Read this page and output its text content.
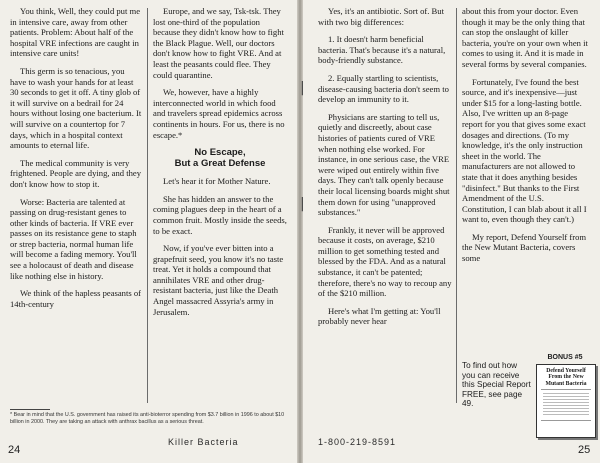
You think, Well, they could put me in intensive care, away from other patients. Problem: About half of the hospital VRE infections are caught in intensive care units!

This germ is so tenacious, you have to wash your hands for at least 30 seconds to get it off. A tiny glob of it will survive on a bedrail for 24 hours without losing one bacterium. It will survive on a countertop for 7 days, which in a hospital context amounts to eternal life.

The medical community is very frightened. People are dying, and they don't know how to stop it.

Worse: Bacteria are talented at passing on drug-resistant genes to other kinds of bacteria. If VRE ever passes on its resistance gene to staph or strep bacteria, normal human life will become a fading memory. You'll see a holocaust of death and disease like nothing else in history.

We think of the hapless peasants of 14th-century

Europe, and we say, Tsk-tsk. They lost one-third of the population because they didn't know how to fight the Black Plague. Well, our doctors don't know how to fight VRE. And at least the peasants could flee. They could quarantine.

We, however, have a highly interconnected world in which food and travelers spread epidemics across continents in hours. For us, there is no escape.*

No Escape,
But a Great Defense

Let's hear it for Mother Nature.

She has hidden an answer to the coming plagues deep in the heart of a common fruit. Mostly inside the seeds, to be exact.

Now, if you've ever bitten into a grapefruit seed, you know it's no taste treat. Yet it holds a compound that annihilates VRE and other drug-resistant bacteria, just like the Death Angel massacred Assyria's army in Jerusalem.

|
|
* Bear in mind that the U.S. government has raised its anti-bioterror spending from $3.7 billion in 1996 to about $10 billion in 2000. They are taking an attack with anthrax bacillus as a serious threat.
Killer Bacteria
24

Yes, it's an antibiotic. Sort of. But with two big differences:

1. It doesn't harm beneficial bacteria. That's because it's a natural, body-friendly substance.

2. Equally startling to scientists, disease-causing bacteria don't seem to develop an immunity to it.

Physicians are starting to tell us, quietly and discreetly, about case histories of patients cured of VRE when nothing else worked. For instance, in one serious case, the VRE were wiped out entirely within five days. They can't talk openly because their local licensing boards might shut them down for using "unapproved substances."

Frankly, it never will be approved because it costs, on average, $210 million to get something tested and blessed by the FDA. And as a natural substance, it can't be patented; therefore, there's no way to recoup any of the $210 million.

Here's what I'm getting at: You'll probably never hear

about this from your doctor. Even though it may be the only thing that can stop the onslaught of killer bacteria, you're on your own when it comes to using it. And it is made in several forms by several companies.

Fortunately, I've found the best source, and it's inexpensive—just under $15 for a long-lasting bottle. Also, I've written up an 8-page report for you that gives some exact dosages and directions. (To my knowledge, it's the only instruction sheet in the world. The manufacturers are not allowed to state that it does anything besides "disinfect." But thanks to the First Amendment of the U.S. Constitution, I can blab about it all I want to, even though they can't.)

My report, Defend Yourself from the New Mutant Bacteria, covers some

To find out how you can receive this Special Report FREE, see page 49.
BONUS #5
Defend Yourself From the New Mutant Bacteria
1-800-219-8591
25
